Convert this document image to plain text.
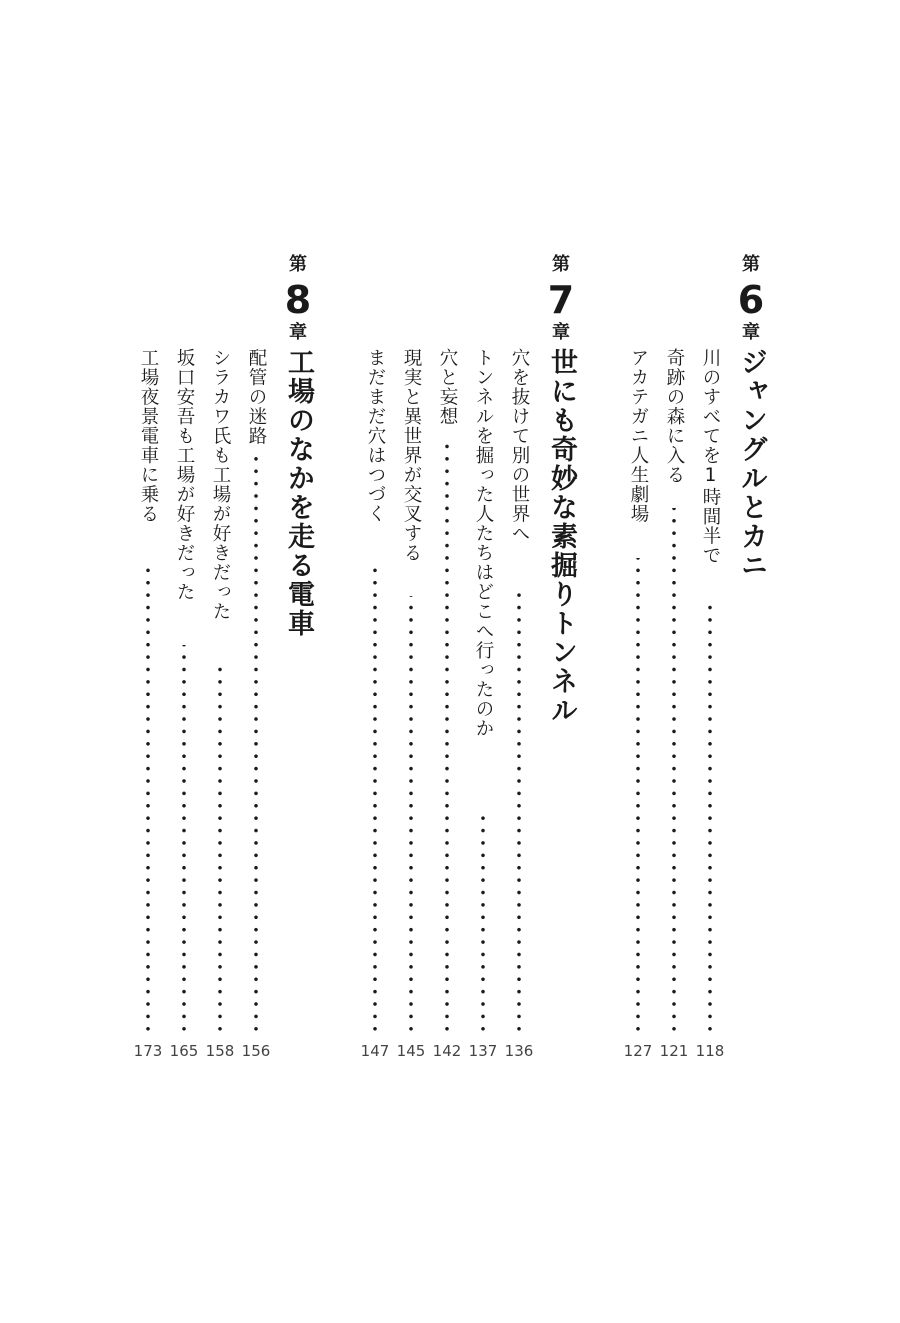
第
6
章
ジャングルとカニ
川のすべてを1時間半で
118
奇跡の森に入る
121
アカテガニ人生劇場
127
第
7
章
世にも奇妙な素掘りトンネル
穴を抜けて別の世界へ
136
トンネルを掘った人たちはどこへ行ったのか
137
穴と妄想
142
現実と異世界が交叉する
145
まだまだ穴はつづく
147
第
8
章
工場のなかを走る電車
配管の迷路
156
シラカワ氏も工場が好きだった
158
坂口安吾も工場が好きだった
165
工場夜景電車に乗る
173
